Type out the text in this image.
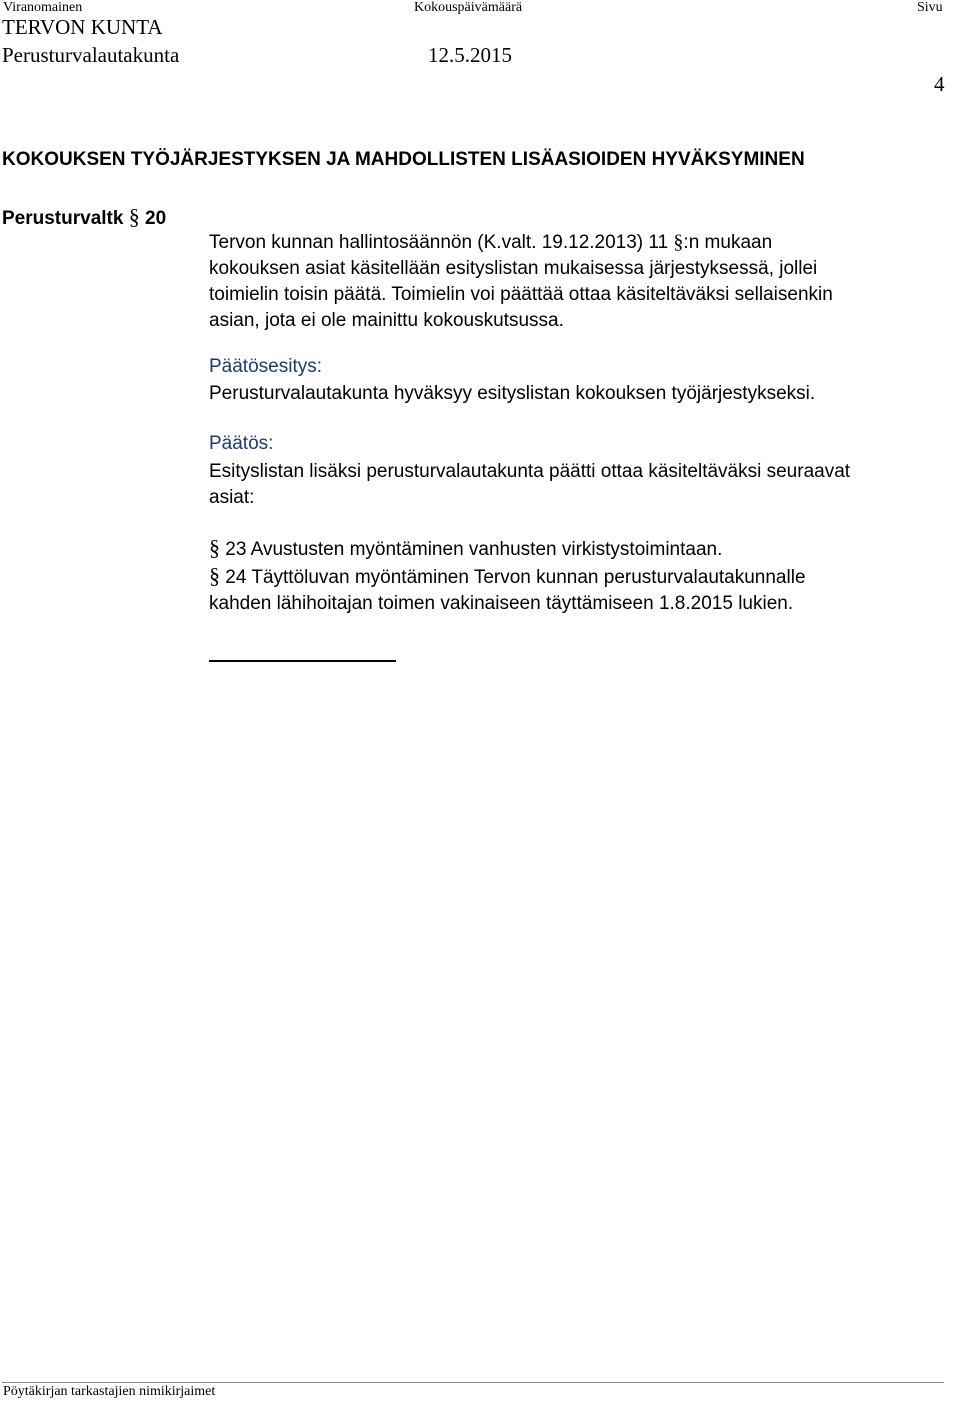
Viranomainen	Kokouspäivämäärä	Sivu
TERVON KUNTA
Perusturvalautakunta	12.5.2015
4
KOKOUKSEN TYÖJÄRJESTYKSEN JA MAHDOLLISTEN LISÄASIOIDEN HYVÄKSYMINEN
Perusturvaltk § 20
Tervon kunnan hallintosäännön (K.valt. 19.12.2013) 11 §:n mukaan
kokouksen asiat käsitellään esityslistan mukaisessa järjestyksessä, jollei
toimielin toisin päätä. Toimielin voi päättää ottaa käsiteltäväksi sellaisenkin
asian, jota ei ole mainittu kokouskutsussa.
Päätösesitys:
Perusturvalautakunta hyväksyy esityslistan kokouksen työjärjestykseksi.
Päätös:
Esityslistan lisäksi perusturvalautakunta päätti ottaa käsiteltäväksi seuraavat
asiat:
§ 23 Avustusten myöntäminen vanhusten virkistystoimintaan.
§ 24 Täyttöluvan myöntäminen Tervon kunnan perusturvalautakunnalle
kahden lähihoitajan toimen vakinaiseen täyttämiseen 1.8.2015 lukien.
Pöytäkirjan tarkastajien nimikirjaimet
